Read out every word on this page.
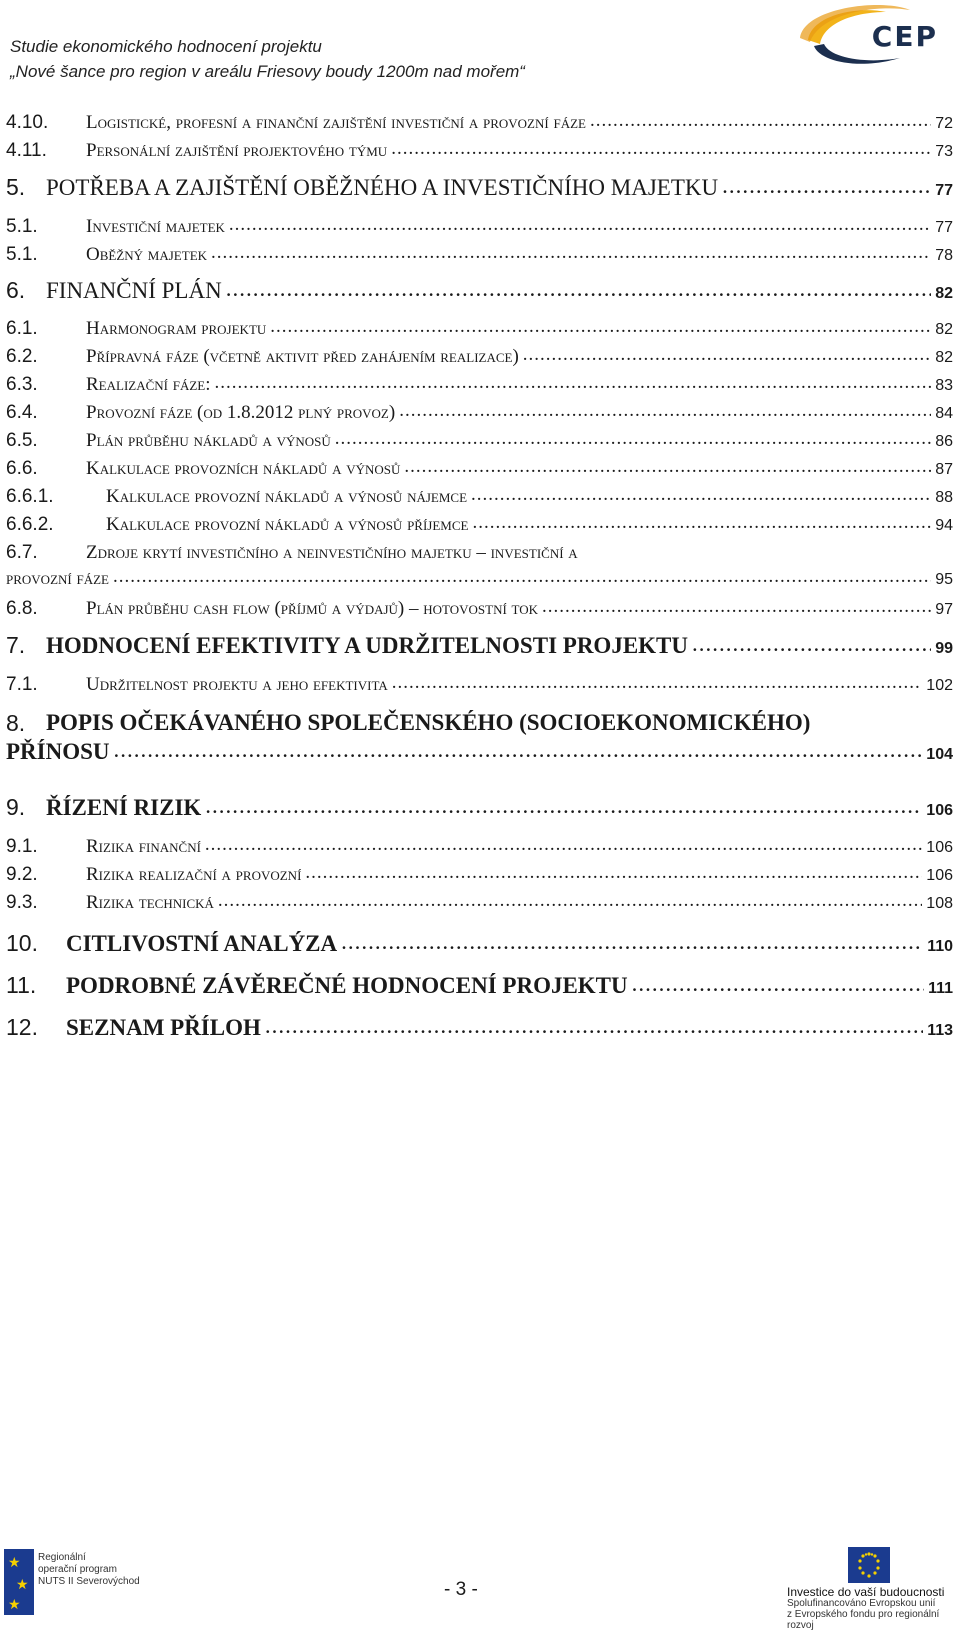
Studie ekonomického hodnocení projektu
„Nové šance pro region v areálu Friesovy boudy 1200m nad mořem“
CEP
4.10.	Logistické, profesní a finanční zajištění investiční a provozní fáze .....	72
4.11.	Personální zajištění projektového týmu .....	73
5. POTŘEBA A ZAJIŠTĚNÍ OBĚŽNÉHO A INVESTIČNÍHO MAJETKU .....	77
5.1.	Investiční majetek .....	77
5.1.	Oběžný majetek .....	78
6. FINANČNÍ PLÁN .....	82
6.1.	Harmonogram projektu .....	82
6.2.	Přípravná fáze (včetně aktivit před zahájením realizace) .....	82
6.3.	Realizační fáze: .....	83
6.4.	Provozní fáze (od 1.8.2012 plný provoz) .....	84
6.5.	Plán průběhu nákladů a výnosů .....	86
6.6.	Kalkulace provozních nákladů a výnosů .....	87
6.6.1.	Kalkulace provozní nákladů a výnosů nájemce .....	88
6.6.2.	Kalkulace provozní nákladů a výnosů příjemce .....	94
6.7.	Zdroje krytí investičního a neinvestičního majetku – investiční a
provozní fáze .....	95
6.8.	Plán průběhu cash flow (příjmů a výdajů) – hotovostní tok .....	97
7. HODNOCENÍ EFEKTIVITY A UDRŽITELNOSTI PROJEKTU .....	99
7.1.	Udržitelnost projektu a jeho efektivita .....	102
8. POPIS OČEKÁVANÉHO SPOLEČENSKÉHO (SOCIOEKONOMICKÉHO)
PŘÍNOSU .....	104
9. ŘÍZENÍ RIZIK .....	106
9.1.	Rizika finanční .....	106
9.2.	Rizika realizační a provozní .....	106
9.3.	Rizika technická .....	108
10.	CITLIVOSTNÍ ANALÝZA .....	110
11.	PODROBNÉ ZÁVĚREČNÉ HODNOCENÍ PROJEKTU .....	111
12.	SEZNAM PŘÍLOH .....	113
★
★
★
Regionální
operační program
NUTS II Severovýchod	- 3 -	Investice do vaší budoucnosti
Spolufinancováno Evropskou unií
z Evropského fondu pro regionální rozvoj
